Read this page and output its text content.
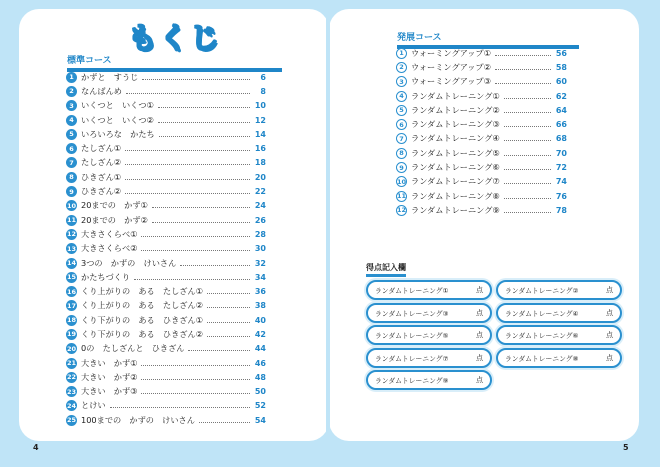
もくじ
標準コース
1 かずと　すうじ	6
2 なんばんめ	8
3 いくつと　いくつ①	10
4 いくつと　いくつ②	12
5 いろいろな　かたち	14
6 たしざん①	16
7 たしざん②	18
8 ひきざん①	20
9 ひきざん②	22
10 20までの　かず①	24
11 20までの　かず②	26
12 大きさくらべ①	28
13 大きさくらべ②	30
14 3つの　かずの　けいさん	32
15 かたちづくり	34
16 くり上がりの　ある　たしざん①	36
17 くり上がりの　ある　たしざん②	38
18 くり下がりの　ある　ひきざん①	40
19 くり下がりの　ある　ひきざん②	42
20 0の　たしざんと　ひきざん	44
21 大きい　かず①	46
22 大きい　かず②	48
23 大きい　かず③	50
24 とけい	52
25 100までの　かずの　けいさん	54
発展コース
1 ウォーミングアップ①	56
2 ウォーミングアップ②	58
3 ウォーミングアップ③	60
4 ランダムトレーニング①	62
5 ランダムトレーニング②	64
6 ランダムトレーニング③	66
7 ランダムトレーニング④	68
8 ランダムトレーニング⑤	70
9 ランダムトレーニング⑥	72
10 ランダムトレーニング⑦	74
11 ランダムトレーニング⑧	76
12 ランダムトレーニング⑨	78
得点記入欄
ランダムトレーニング①	点	ランダムトレーニング②	点
ランダムトレーニング③	点	ランダムトレーニング④	点
ランダムトレーニング⑤	点	ランダムトレーニング⑥	点
ランダムトレーニング⑦	点	ランダムトレーニング⑧	点
ランダムトレーニング⑨	点
4	5
